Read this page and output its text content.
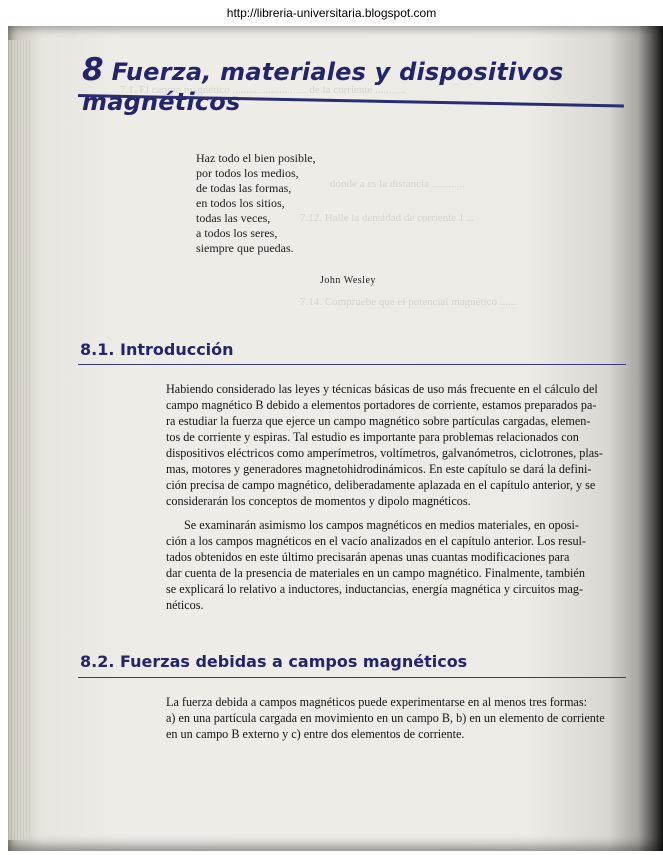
http://libreria-universitaria.blogspot.com
7.1. El campo magnético ........................... de la corriente ...........
donde a es la distancia ............
7.12. Halle la densidad de corriente J ...
7.14. Compruebe que el potencial magnético ......
8 Fuerza, materiales y dispositivos magnéticos
Haz todo el bien posible,
por todos los medios,
de todas las formas,
en todos los sitios,
todas las veces,
a todos los seres,
siempre que puedas.
John Wesley
8.1. Introducción
Habiendo considerado las leyes y técnicas básicas de uso más frecuente en el cálculo del
campo magnético B debido a elementos portadores de corriente, estamos preparados pa-
ra estudiar la fuerza que ejerce un campo magnético sobre partículas cargadas, elemen-
tos de corriente y espiras. Tal estudio es importante para problemas relacionados con
dispositivos eléctricos como amperímetros, voltímetros, galvanómetros, ciclotrones, plas-
mas, motores y generadores magnetohidrodinámicos. En este capítulo se dará la defini-
ción precisa de campo magnético, deliberadamente aplazada en el capítulo anterior, y se
considerarán los conceptos de momentos y dipolo magnéticos.
Se examinarán asimismo los campos magnéticos en medios materiales, en oposi-
ción a los campos magnéticos en el vacío analizados en el capítulo anterior. Los resul-
tados obtenidos en este último precisarán apenas unas cuantas modificaciones para
dar cuenta de la presencia de materiales en un campo magnético. Finalmente, también
se explicará lo relativo a inductores, inductancias, energía magnética y circuitos mag-
néticos.
8.2. Fuerzas debidas a campos magnéticos
La fuerza debida a campos magnéticos puede experimentarse en al menos tres formas:
a) en una partícula cargada en movimiento en un campo B, b) en un elemento de corriente
en un campo B externo y c) entre dos elementos de corriente.
